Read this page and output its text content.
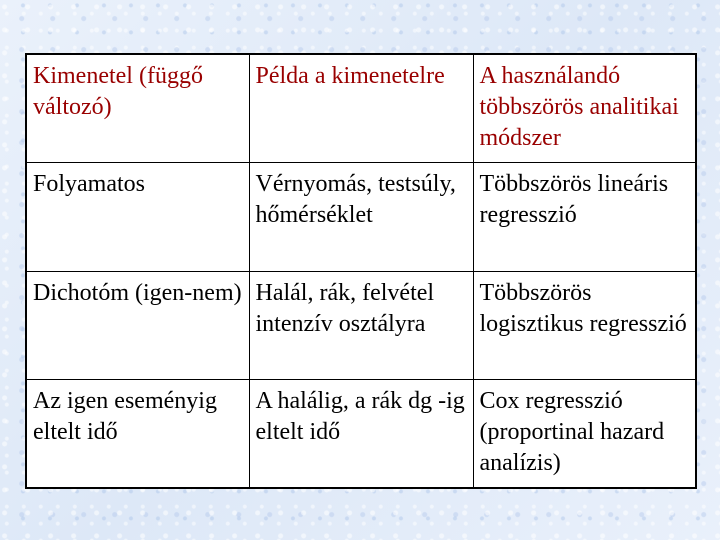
Kimenetel (függő változó)	Példa a kimenetelre	A használandó többszörös analitikai módszer
Folyamatos	Vérnyomás, testsúly, hőmérséklet	Többszörös lineáris regresszió
Dichotóm (igen-nem)	Halál, rák, felvétel intenzív osztályra	Többszörös logisztikus regresszió
Az igen eseményig eltelt idő	A halálig, a rák dg -ig eltelt idő	Cox regresszió (proportinal hazard analízis)
